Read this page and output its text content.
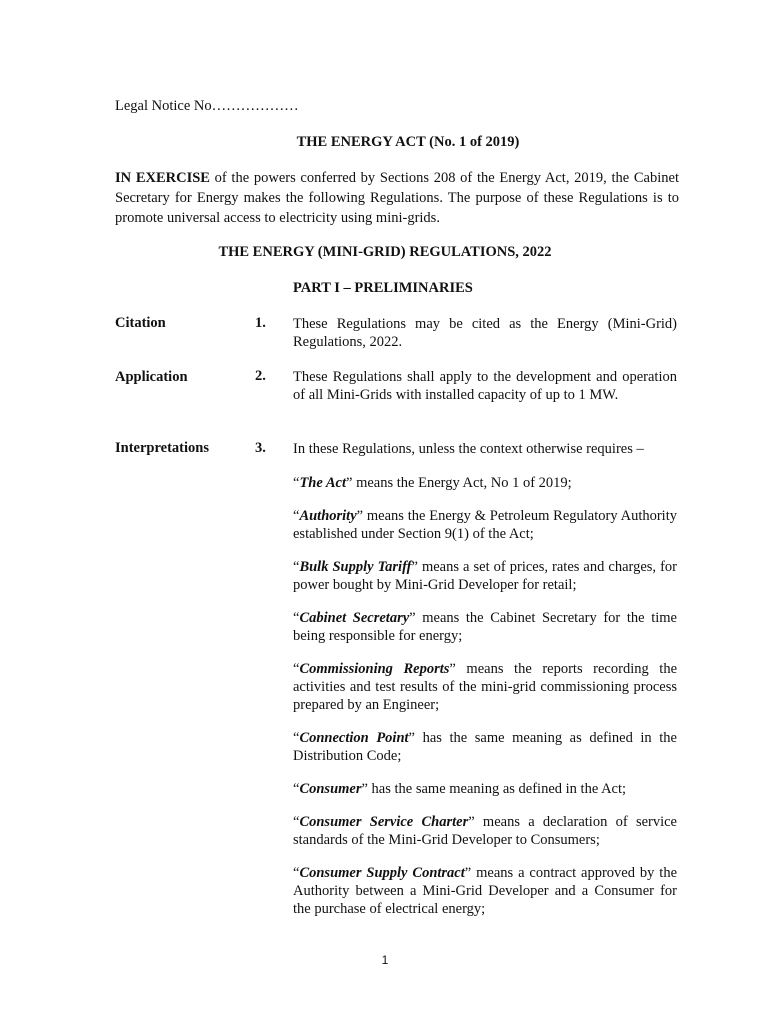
Legal Notice No………………
THE ENERGY ACT (No. 1 of 2019)
IN EXERCISE of the powers conferred by Sections 208 of the Energy Act, 2019, the Cabinet Secretary for Energy makes the following Regulations. The purpose of these Regulations is to promote universal access to electricity using mini-grids.
THE ENERGY (MINI-GRID) REGULATIONS, 2022
PART I – PRELIMINARIES
Citation	1. These Regulations may be cited as the Energy (Mini-Grid) Regulations, 2022.
Application	2. These Regulations shall apply to the development and operation of all Mini-Grids with installed capacity of up to 1 MW.
Interpretations	3. In these Regulations, unless the context otherwise requires –

“The Act” means the Energy Act, No 1 of 2019;

“Authority” means the Energy & Petroleum Regulatory Authority established under Section 9(1) of the Act;

“Bulk Supply Tariff” means a set of prices, rates and charges, for power bought by Mini-Grid Developer for retail;

“Cabinet Secretary” means the Cabinet Secretary for the time being responsible for energy;

“Commissioning Reports” means the reports recording the activities and test results of the mini-grid commissioning process prepared by an Engineer;

“Connection Point” has the same meaning as defined in the Distribution Code;

“Consumer” has the same meaning as defined in the Act;

“Consumer Service Charter” means a declaration of service standards of the Mini-Grid Developer to Consumers;

“Consumer Supply Contract” means a contract approved by the Authority between a Mini-Grid Developer and a Consumer for the purchase of electrical energy;

1
